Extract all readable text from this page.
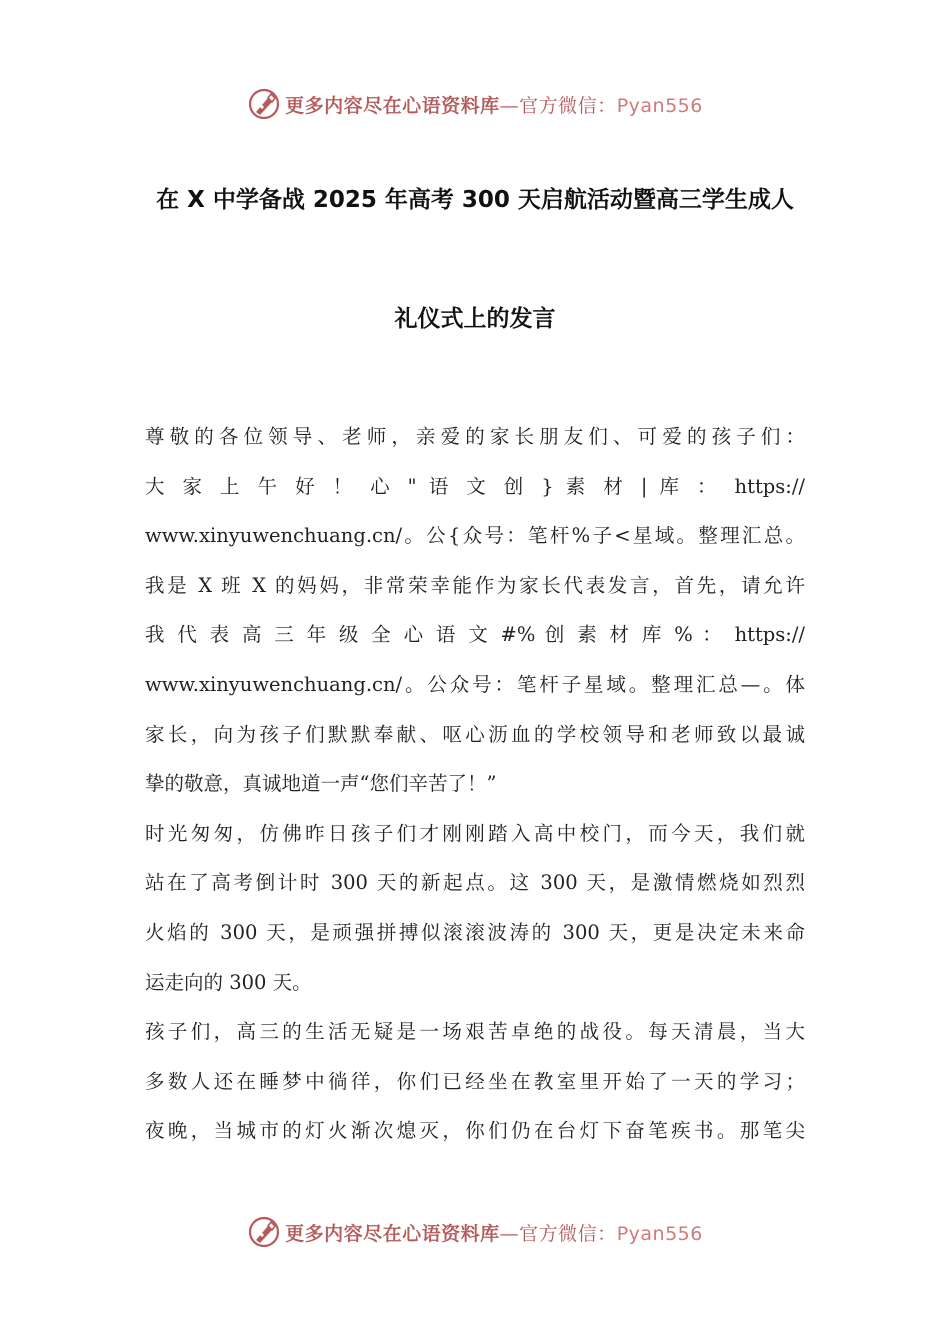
更多内容尽在心语资料库—官方微信：Pyan556
在 X 中学备战 2025 年高考 300 天启航活动暨高三学生成人
礼仪式上的发言
尊敬的各位领导、老师，亲爱的家长朋友们、可爱的孩子们：
大 家 上 午 好 ！ 心 " 语 文 创 } 素 材 | 库 ： https://
www.xinyuwenchuang.cn/。公{众号：笔杆%子<星域。整理汇总。
我是 X 班 X 的妈妈，非常荣幸能作为家长代表发言，首先，请允许
我 代 表 高 三 年 级 全 心 语 文 #% 创 素 材 库 % ： https://
www.xinyuwenchuang.cn/。公众号：笔杆子星域。整理汇总—。体
家长，向为孩子们默默奉献、呕心沥血的学校领导和老师致以最诚
挚的敬意，真诚地道一声“您们辛苦了！”
时光匆匆，仿佛昨日孩子们才刚刚踏入高中校门，而今天，我们就
站在了高考倒计时 300 天的新起点。这 300 天，是激情燃烧如烈烈
火焰的 300 天，是顽强拼搏似滚滚波涛的 300 天，更是决定未来命
运走向的 300 天。
孩子们，高三的生活无疑是一场艰苦卓绝的战役。每天清晨，当大
多数人还在睡梦中徜徉，你们已经坐在教室里开始了一天的学习；
夜晚，当城市的灯火渐次熄灭，你们仍在台灯下奋笔疾书。那笔尖
更多内容尽在心语资料库—官方微信：Pyan556
